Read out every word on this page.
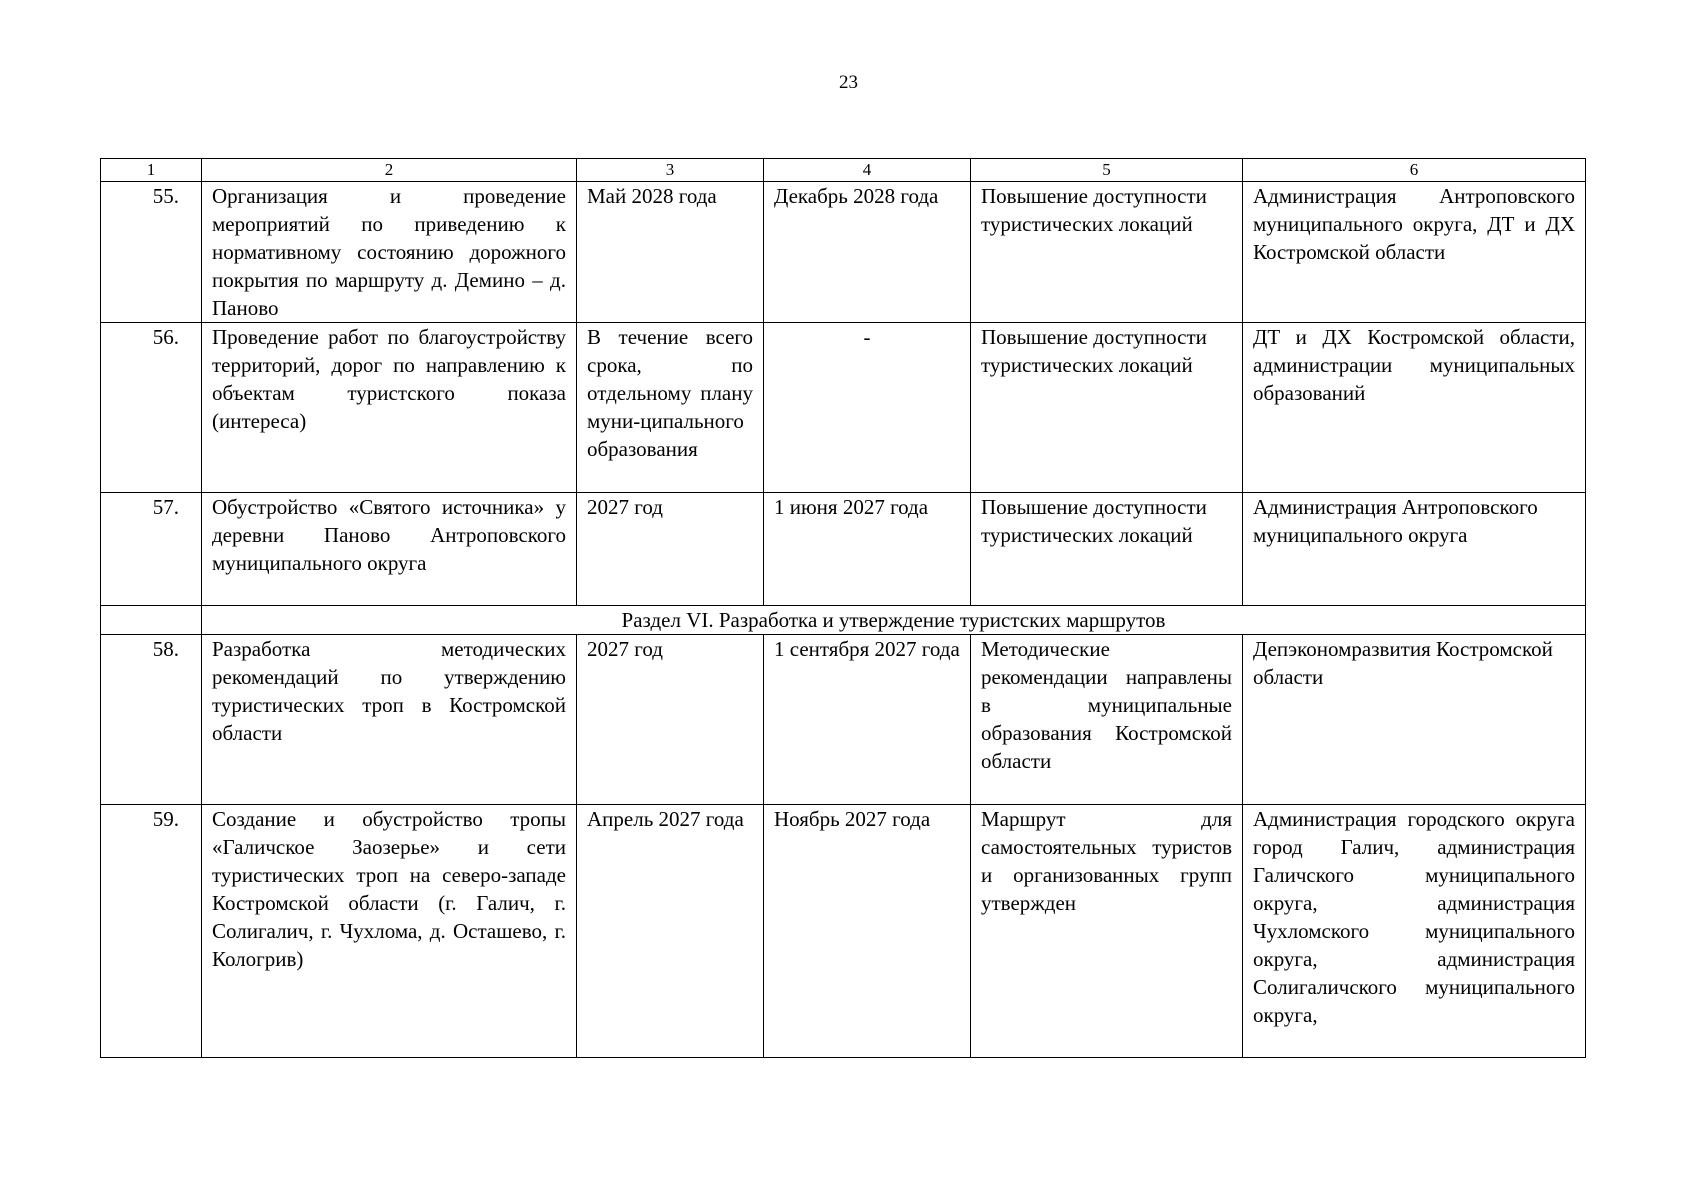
23
1	2	3	4	5	6
55.	Организация и проведение мероприятий по приведению к нормативному состоянию дорожного покрытия по маршруту д. Демино – д. Паново	Май 2028 года	Декабрь 2028 года	Повышение доступности туристических локаций	Администрация Антроповского муниципального округа, ДТ и ДХ Костромской области
56.	Проведение работ по благоустройству территорий, дорог по направлению к объектам туристского показа (интереса)	В течение всего срока, по отдельному плану муни-ципального образования	-	Повышение доступности туристических локаций	ДТ и ДХ Костромской области, администрации муниципальных образований
57.	Обустройство «Святого источника» у деревни Паново Антроповского муниципального округа	2027 год	1 июня 2027 года	Повышение доступности туристических локаций	Администрация Антроповского муниципального округа
	Раздел VI. Разработка и утверждение туристских маршрутов				
58.	Разработка методических рекомендаций по утверждению туристических троп в Костромской области	2027 год	1 сентября 2027 года	Методические рекомендации направлены в муниципальные образования Костромской области	Депэкономразвития Костромской области
59.	Создание и обустройство тропы «Галичское Заозерье» и сети туристических троп на северо-западе Костромской области (г. Галич, г. Солигалич, г. Чухлома, д. Осташево, г. Кологрив)	Апрель 2027 года	Ноябрь 2027 года	Маршрут для самостоятельных туристов и организованных групп утвержден	Администрация городского округа город Галич, администрация Галичского муниципального округа, администрация Чухломского муниципального округа, администрация Солигаличского муниципального округа,
